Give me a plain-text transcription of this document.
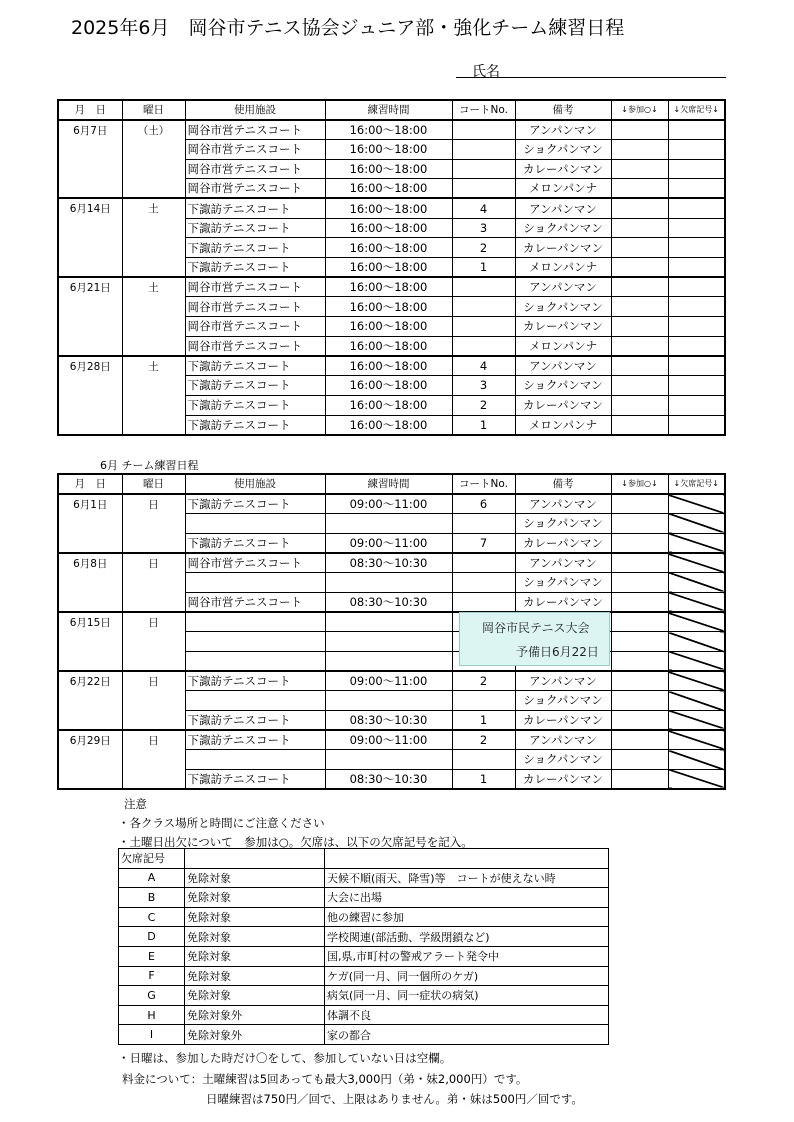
2025年6月　岡谷市テニス協会ジュニア部・強化チーム練習日程
氏名
月　日	曜日	使用施設	練習時間	コートNo.	備考	↓参加○↓	↓欠席記号↓
6月7日	（土）	岡谷市営テニスコート	16:00～18:00		アンパンマン		
		岡谷市営テニスコート	16:00～18:00		ショクパンマン		
		岡谷市営テニスコート	16:00～18:00		カレーパンマン		
		岡谷市営テニスコート	16:00～18:00		メロンパンナ		
6月14日	土	下諏訪テニスコート	16:00～18:00	4	アンパンマン		
		下諏訪テニスコート	16:00～18:00	3	ショクパンマン		
		下諏訪テニスコート	16:00～18:00	2	カレーパンマン		
		下諏訪テニスコート	16:00～18:00	1	メロンパンナ		
6月21日	土	岡谷市営テニスコート	16:00～18:00		アンパンマン		
		岡谷市営テニスコート	16:00～18:00		ショクパンマン		
		岡谷市営テニスコート	16:00～18:00		カレーパンマン		
		岡谷市営テニスコート	16:00～18:00		メロンパンナ		
6月28日	土	下諏訪テニスコート	16:00～18:00	4	アンパンマン		
		下諏訪テニスコート	16:00～18:00	3	ショクパンマン		
		下諏訪テニスコート	16:00～18:00	2	カレーパンマン		
		下諏訪テニスコート	16:00～18:00	1	メロンパンナ		
6月 チーム練習日程
月　日	曜日	使用施設	練習時間	コートNo.	備考	↓参加○↓	↓欠席記号↓
6月1日	日	下諏訪テニスコート	09:00～11:00	6	アンパンマン		
					ショクパンマン		
		下諏訪テニスコート	09:00～11:00	7	カレーパンマン		
6月8日	日	岡谷市営テニスコート	08:30～10:30		アンパンマン		
					ショクパンマン		
		岡谷市営テニスコート	08:30～10:30		カレーパンマン		
6月15日	日						

6月22日	日	下諏訪テニスコート	09:00～11:00	2	アンパンマン		
					ショクパンマン		
		下諏訪テニスコート	08:30～10:30	1	カレーパンマン		
6月29日	日	下諏訪テニスコート	09:00～11:00	2	アンパンマン		
					ショクパンマン		
		下諏訪テニスコート	08:30～10:30	1	カレーパンマン		
岡谷市民テニス大会
予備日6月22日
注意
・各クラス場所と時間にご注意ください
・土曜日出欠について　参加は○。欠席は、以下の欠席記号を記入。
欠席記号		
A	免除対象	天候不順(雨天、降雪)等　コートが使えない時
B	免除対象	大会に出場
C	免除対象	他の練習に参加
D	免除対象	学校関連(部活動、学級閉鎖など)
E	免除対象	国,県,市町村の警戒アラート発令中
F	免除対象	ケガ(同一月、同一個所のケガ)
G	免除対象	病気(同一月、同一症状の病気)
H	免除対象外	体調不良
I	免除対象外	家の都合
・日曜は、参加した時だけ〇をして、参加していない日は空欄。
料金について：土曜練習は5回あっても最大3,000円（弟・妹2,000円）です。
日曜練習は750円／回で、上限はありません。弟・妹は500円／回です。
